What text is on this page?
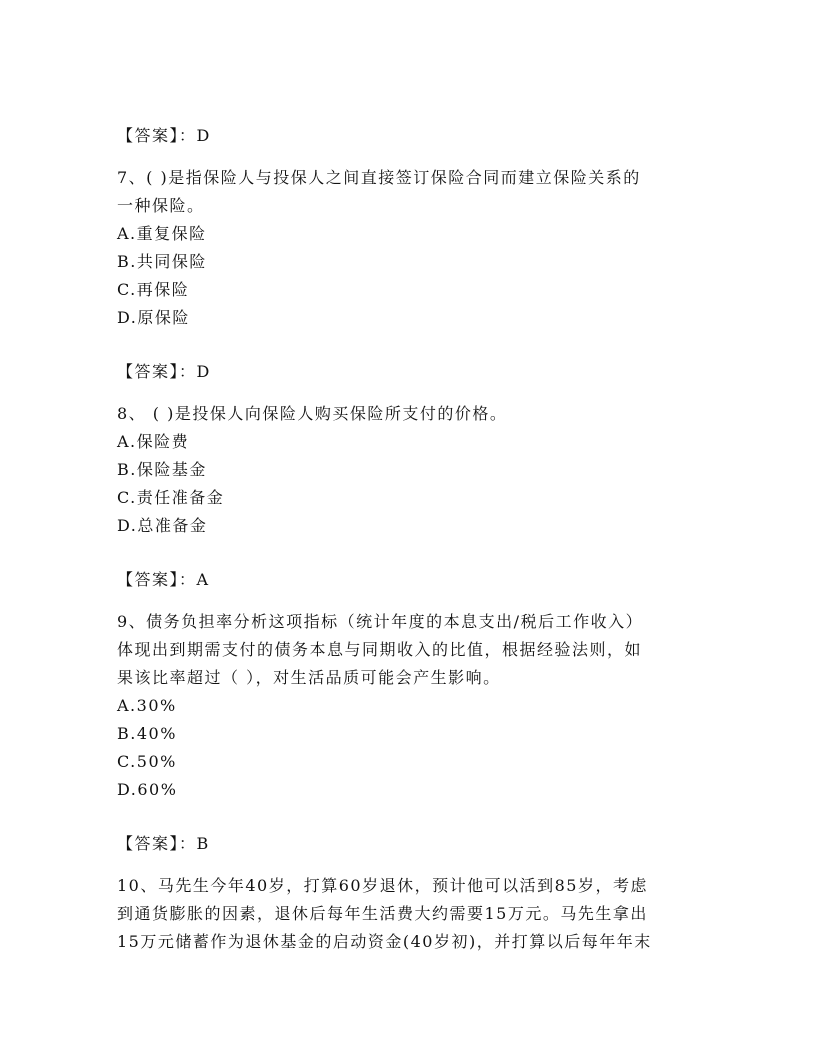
【答案】：D
7、( )是指保险人与投保人之间直接签订保险合同而建立保险关系的
一种保险。
A.重复保险
B.共同保险
C.再保险
D.原保险
【答案】：D
8、 ( )是投保人向保险人购买保险所支付的价格。
A.保险费
B.保险基金
C.责任准备金
D.总准备金
【答案】：A
9、债务负担率分析这项指标（统计年度的本息支出/税后工作收入）
体现出到期需支付的债务本息与同期收入的比值，根据经验法则，如
果该比率超过（ ），对生活品质可能会产生影响。
A.30%
B.40%
C.50%
D.60%
【答案】：B
10、马先生今年40岁，打算60岁退休，预计他可以活到85岁，考虑
到通货膨胀的因素，退休后每年生活费大约需要15万元。马先生拿出
15万元储蓄作为退休基金的启动资金(40岁初)，并打算以后每年年末
